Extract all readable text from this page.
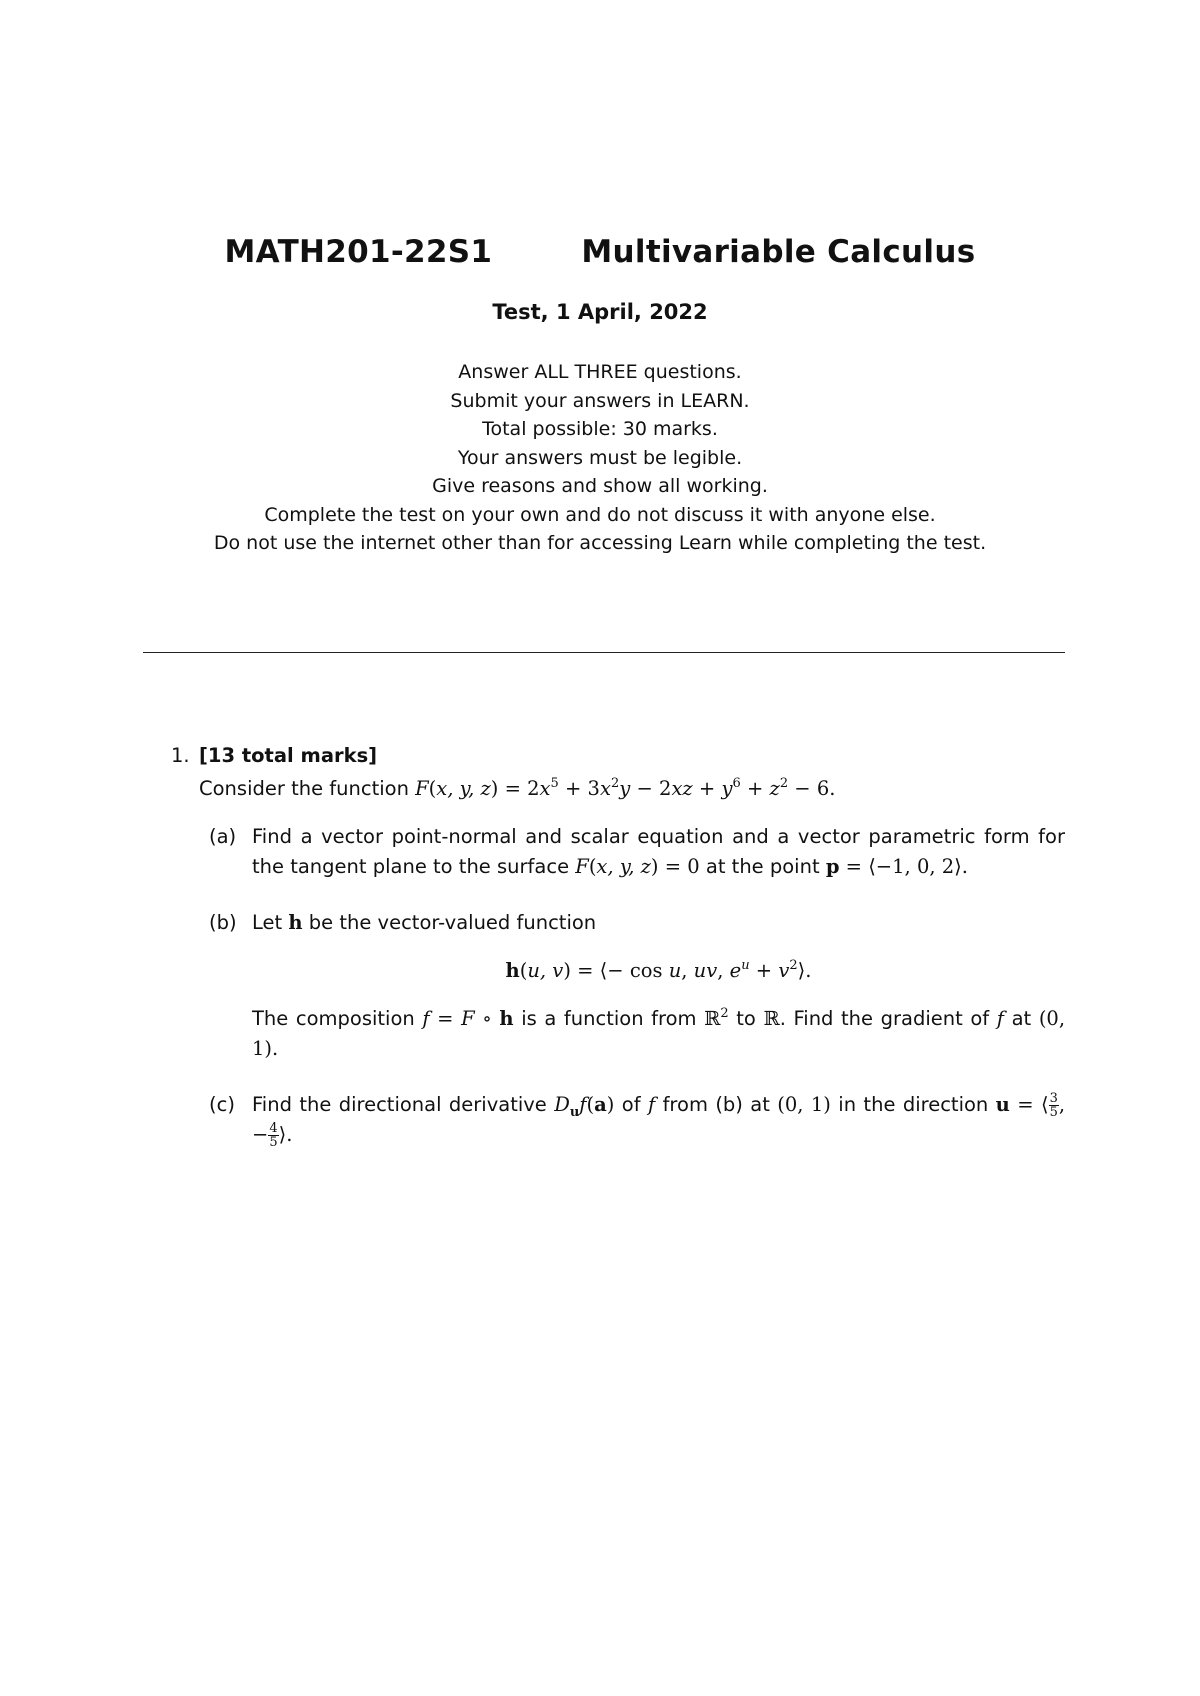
MATH201-22S1	Multivariable Calculus
Test, 1 April, 2022
Answer ALL THREE questions.
Submit your answers in LEARN.
Total possible: 30 marks.
Your answers must be legible.
Give reasons and show all working.
Complete the test on your own and do not discuss it with anyone else.
Do not use the internet other than for accessing Learn while completing the test.
1. [13 total marks]
Consider the function F(x, y, $z) = 2x^5 + 3x^2y - 2xz + y^6 + z^2 - 6$.
(a) Find a vector point-normal and scalar equation and a vector parametric form for the tangent plane to the surface F(x, y, z) = 0 at the point p = ⟨−1, 0, 2⟩.
(b) Let h be the vector-valued function
h(u, v) = ⟨− cos u, uv, $e^u$ + $v^2⟩$.
The composition f = F ∘ h is a function from ℝ$^2$ to ℝ. Find the gradient of f at (0, 1).
(c) Find the directional derivative $D_uf(a)$ of f from (b) at (0, 1) in the direction u = ⟨ $\frac{3}{5}$ , − $\frac{4}{5}$ ⟩.
